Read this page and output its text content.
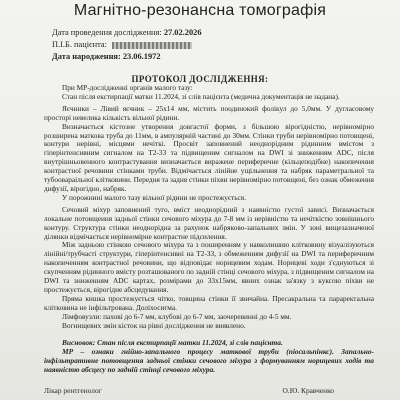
Магнітно-резонансна томографія
Дата проведення дослідження: 27.02.2026
П.І.Б. пацієнта:
Дата народження: 23.06.1972
ПРОТОКОЛ ДОСЛІДЖЕННЯ:

При МР-дослідженні органів малого тазу:

Стан після екстирпації матки 11.2024, зі слів пацієнта (медична документація не надана).

Яєчники – Лівий яєчник – 25х14 мм, містить поодинокий фолікул до 5,0мм. У дугласовому просторі невелика кількість вільної рідини.

Визначається кістозне утворення довгастої форми, з більшою вірогідністю, нерівномірно розширена маткова труба до 11мм, в ампулярній частині до 30мм. Стінки труби нерівномірно потовщені, контури нерівні, місцями нечіткі. Просвіт заповнений неоднорідним рідинним вмістом з гіперінтенсивним сигналом на Т2-33 та підвищеним сигналом на DWI зі зниженням ADC, після внутрішньовенного контрастування визначається виражене периферичне (кільцеподібне) накопичення контрастної речовини стінками труби. Відмічається лінійне ущільнення та набряк параметральної та тубоовараільної клітковини. Передня та задня стінки піхви нерівномірно потовщені, без ознак обмеження дифузії, вірогідно, набряк.

У порожнині малого тазу вільної рідини не простежується.

Сечовий міхур заповнений туго, вміст неоднорідний з наявністю густої зависі. Визначається локальне потовщення задньої стінки сечового міхура до 7-8 мм із нерівністю та нечіткістю зовнішнього контуру. Структура стінки неоднорідна за рахунок набряково-запальних змін. У зоні вищезазначеної ділянки відмічається нерівномірне контрастне підсилення.

Між задньою стінкою сечового міхура та з поширенням у навколишню клітковину візуалізуються лінійні/трубчасті структури, гіперінтенсивні на Т2-ЗЗ, з обмеженням дифузії на DWI та периферичним накопиченням контрастної речовини, що відповідає норицевим ходам. Норицеві ходи з'єднуються зі скупченням рідинного вмісту розташованого по задній стінці сечового міхура, з підвищеним сигналом на DWI та зниженням ADC картах, розмірами до 33х15мм, явних ознак за'язку з куксою піхви не простежується, вірогідне абсцедування.

Пряма кишка простежується чітко, товщина стінки її звичайна. Пресакральна та параректальна клітковина не інфільтрована. Доліхосигма.

Лімфовузли: пахові до 6-7 мм, клубові до 6-7 мм, заочеревинні до 4-5 мм.

Вогнищевих змін кісток на рівні дослідження не виявлено.

Висновок: Стан після екстирпації матки 11.2024, зі слів пацієнта.

МР – ознаки гнійно-запального процесу маткової труби (піосальпінкс). Запально-інфільтративне потовщення задньої стінки сечового міхура з формуванням норицевих ходів та наявністю абсцесу по задній стінці сечового міхура.

Лікар рентгенолог	О.Ю. Кравченко
